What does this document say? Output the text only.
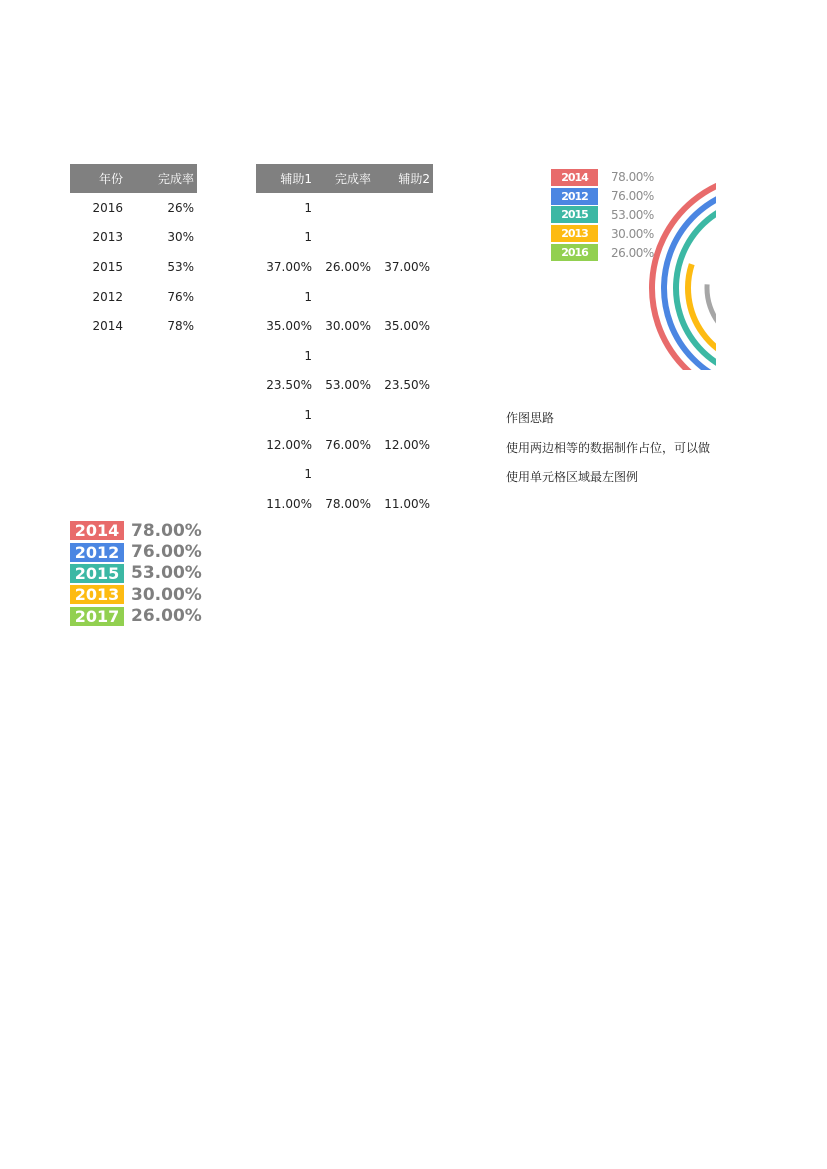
年份	完成率
2016	26%
2013	30%
2015	53%
2012	76%
2014	78%
辅助1	完成率	辅助2
1		
1		
37.00%	26.00%	37.00%
1		
35.00%	30.00%	35.00%
1		
23.50%	53.00%	23.50%
1		
12.00%	76.00%	12.00%
1		
11.00%	78.00%	11.00%
2014 78.00%
2012 76.00%
2015 53.00%
2013 30.00%
2017 26.00%
2014	78.00%
2012	76.00%
2015	53.00%
2013	30.00%
2016	26.00%
作图思路
使用两边相等的数据制作占位，可以做
使用单元格区域最左图例
